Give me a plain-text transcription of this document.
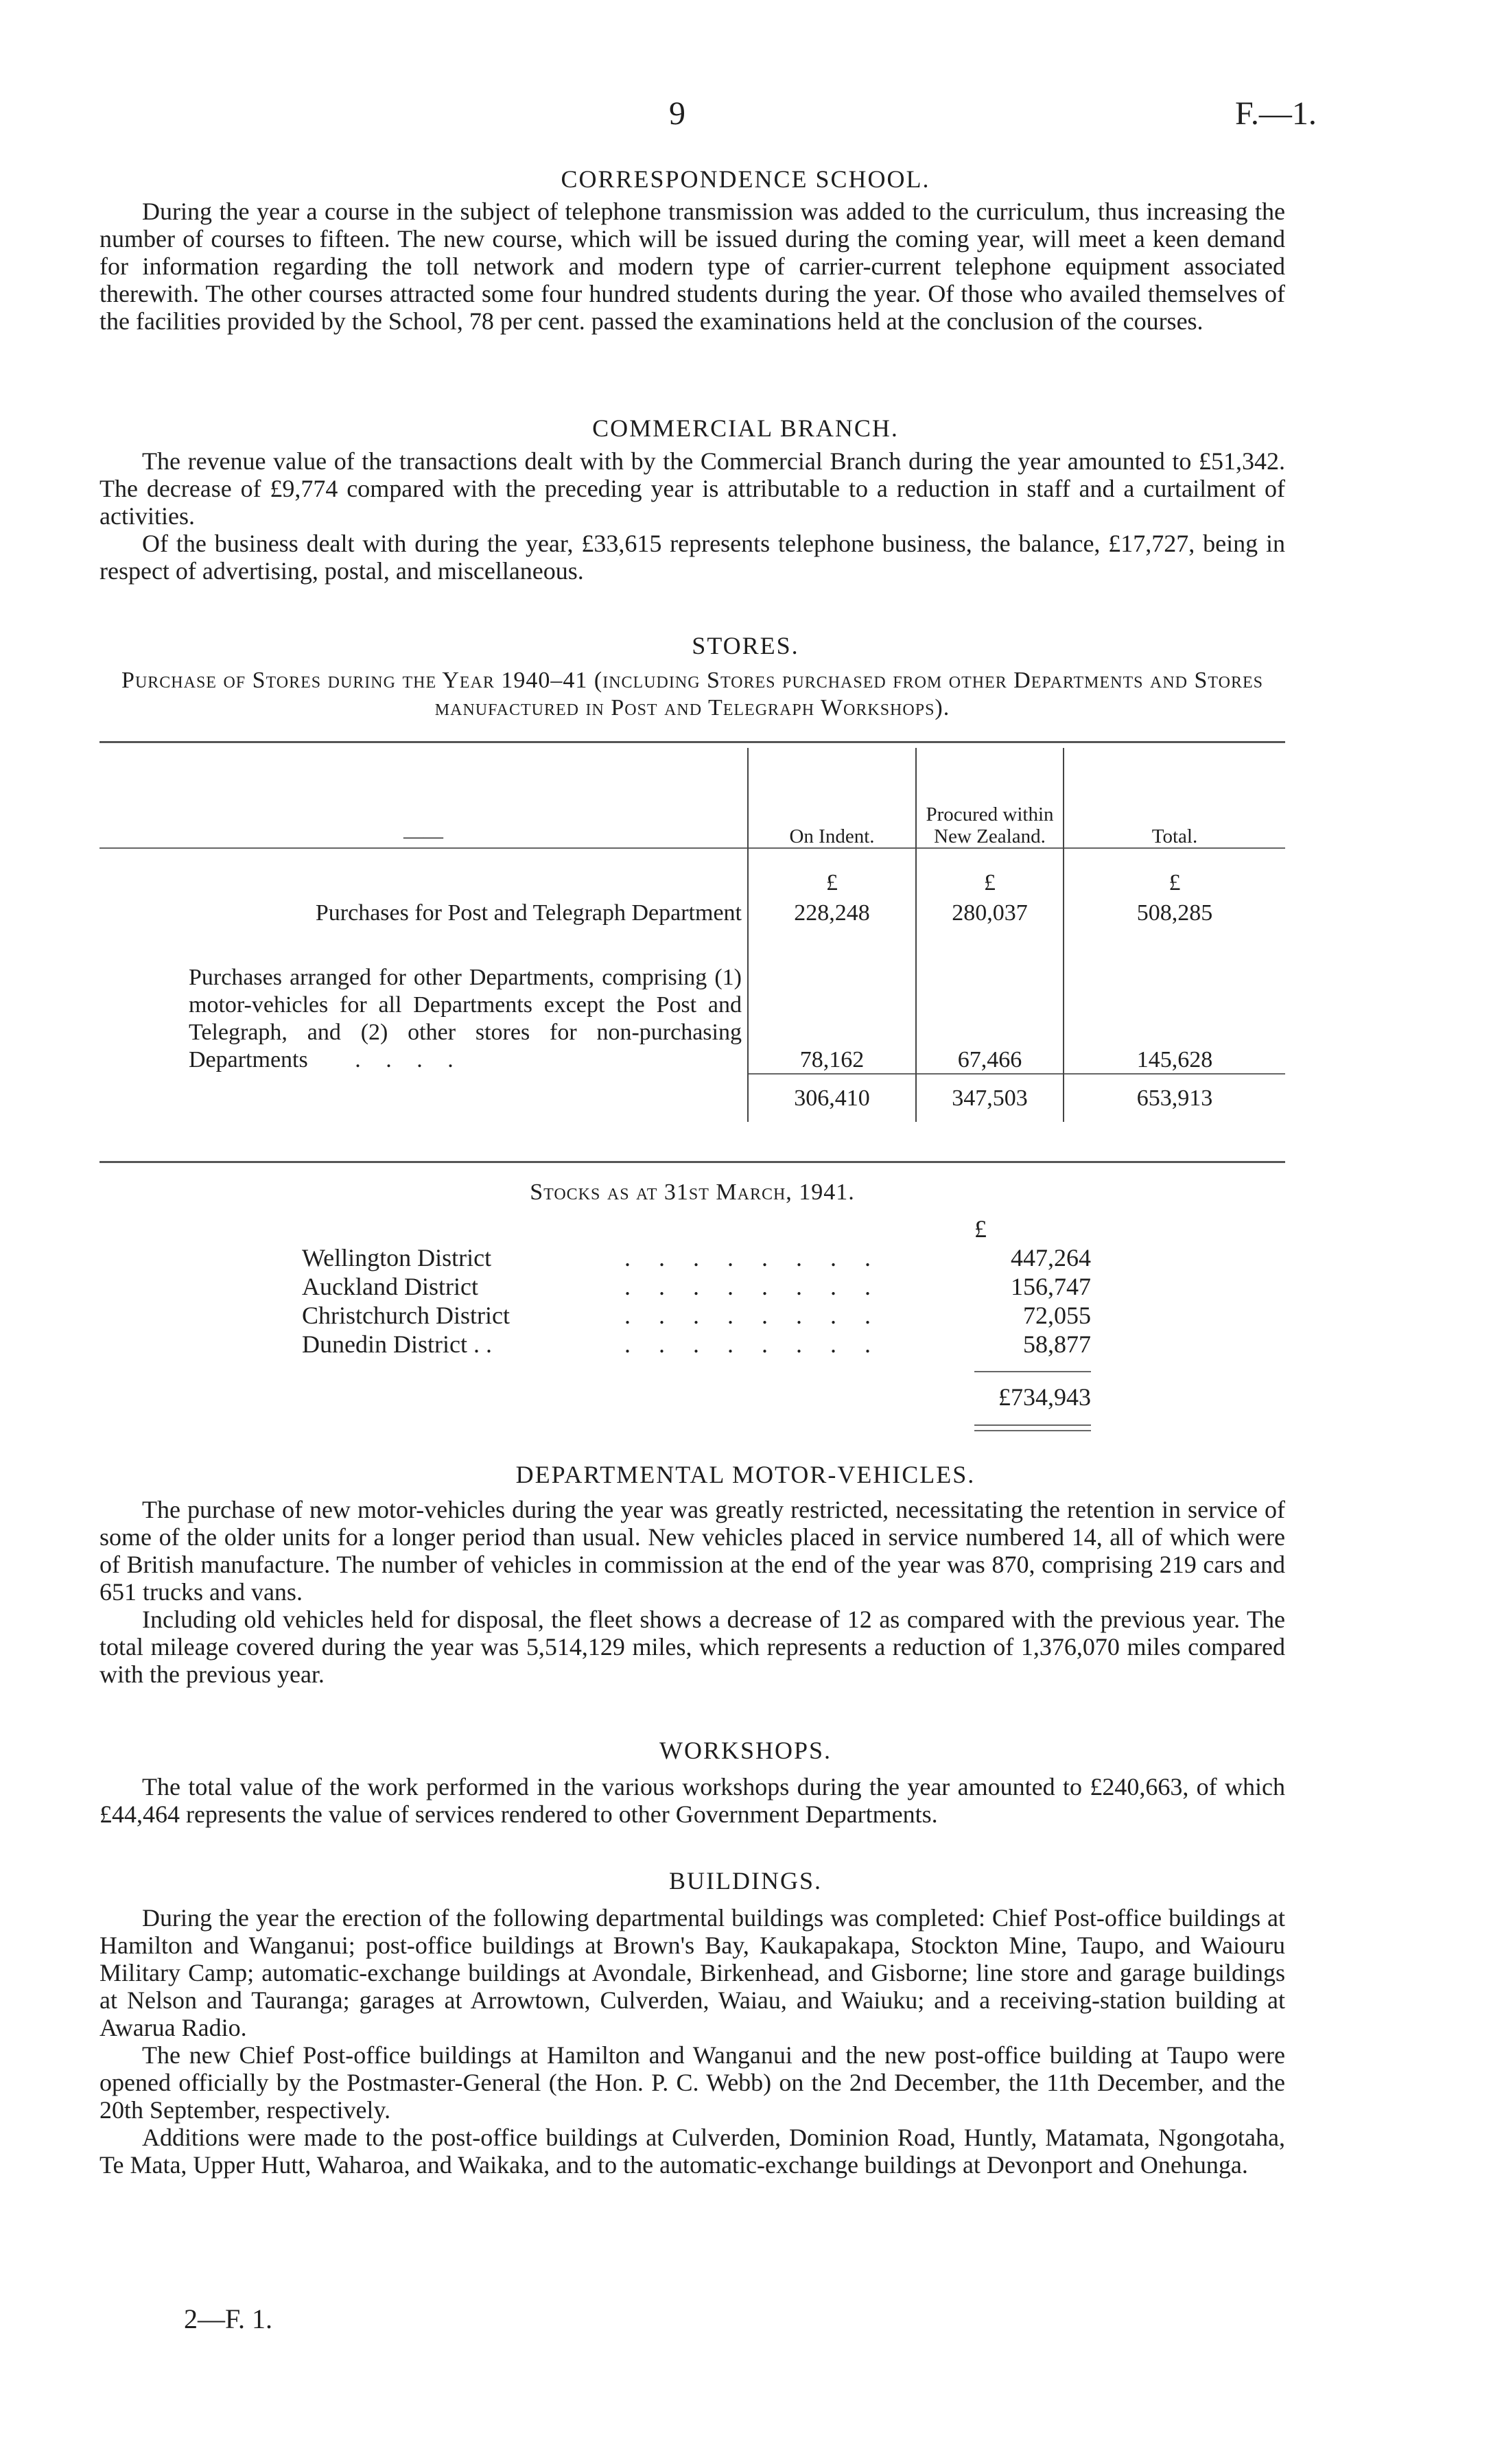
9	F.—1.
CORRESPONDENCE SCHOOL.

During the year a course in the subject of telephone transmission was added to the curriculum, thus increasing the number of courses to fifteen. The new course, which will be issued during the coming year, will meet a keen demand for information regarding the toll network and modern type of carrier-current telephone equipment associated therewith. The other courses attracted some four hundred students during the year. Of those who availed themselves of the facilities provided by the School, 78 per cent. passed the examinations held at the conclusion of the courses.

COMMERCIAL BRANCH.

The revenue value of the transactions dealt with by the Commercial Branch during the year amounted to £51,342. The decrease of £9,774 compared with the preceding year is attributable to a reduction in staff and a curtailment of activities.

Of the business dealt with during the year, £33,615 represents telephone business, the balance, £17,727, being in respect of advertising, postal, and miscellaneous.

STORES.
Purchase of Stores during the Year 1940–41 (including Stores purchased from other Departments and Stores manufactured in Post and Telegraph Workshops).
——	On Indent.	Procured within New Zealand.	Total.
	£	£	£
Purchases for Post and Telegraph Department	228,248	280,037	508,285
Purchases arranged for other Departments, comprising (1) motor-vehicles for all Departments except the Post and Telegraph, and (2) other stores for non-purchasing Departments . . . .	78,162	67,466	145,628
	306,410	347,503	653,913
Stocks as at 31st March, 1941.
£
Wellington District	. . . . . . . .	447,264
Auckland District	. . . . . . . .	156,747
Christchurch District	. . . . . . . .	72,055
Dunedin District . .	. . . . . . . .	58,877
£734,943
DEPARTMENTAL MOTOR-VEHICLES.

The purchase of new motor-vehicles during the year was greatly restricted, necessitating the retention in service of some of the older units for a longer period than usual. New vehicles placed in service numbered 14, all of which were of British manufacture. The number of vehicles in commission at the end of the year was 870, comprising 219 cars and 651 trucks and vans.

Including old vehicles held for disposal, the fleet shows a decrease of 12 as compared with the previous year. The total mileage covered during the year was 5,514,129 miles, which represents a reduction of 1,376,070 miles compared with the previous year.

WORKSHOPS.

The total value of the work performed in the various workshops during the year amounted to £240,663, of which £44,464 represents the value of services rendered to other Government Departments.

BUILDINGS.

During the year the erection of the following departmental buildings was completed: Chief Post-office buildings at Hamilton and Wanganui; post-office buildings at Brown's Bay, Kaukapakapa, Stockton Mine, Taupo, and Waiouru Military Camp; automatic-exchange buildings at Avondale, Birkenhead, and Gisborne; line store and garage buildings at Nelson and Tauranga; garages at Arrowtown, Culverden, Waiau, and Waiuku; and a receiving-station building at Awarua Radio.

The new Chief Post-office buildings at Hamilton and Wanganui and the new post-office building at Taupo were opened officially by the Postmaster-General (the Hon. P. C. Webb) on the 2nd December, the 11th December, and the 20th September, respectively.

Additions were made to the post-office buildings at Culverden, Dominion Road, Huntly, Matamata, Ngongotaha, Te Mata, Upper Hutt, Waharoa, and Waikaka, and to the automatic-exchange buildings at Devonport and Onehunga.

2—F. 1.
